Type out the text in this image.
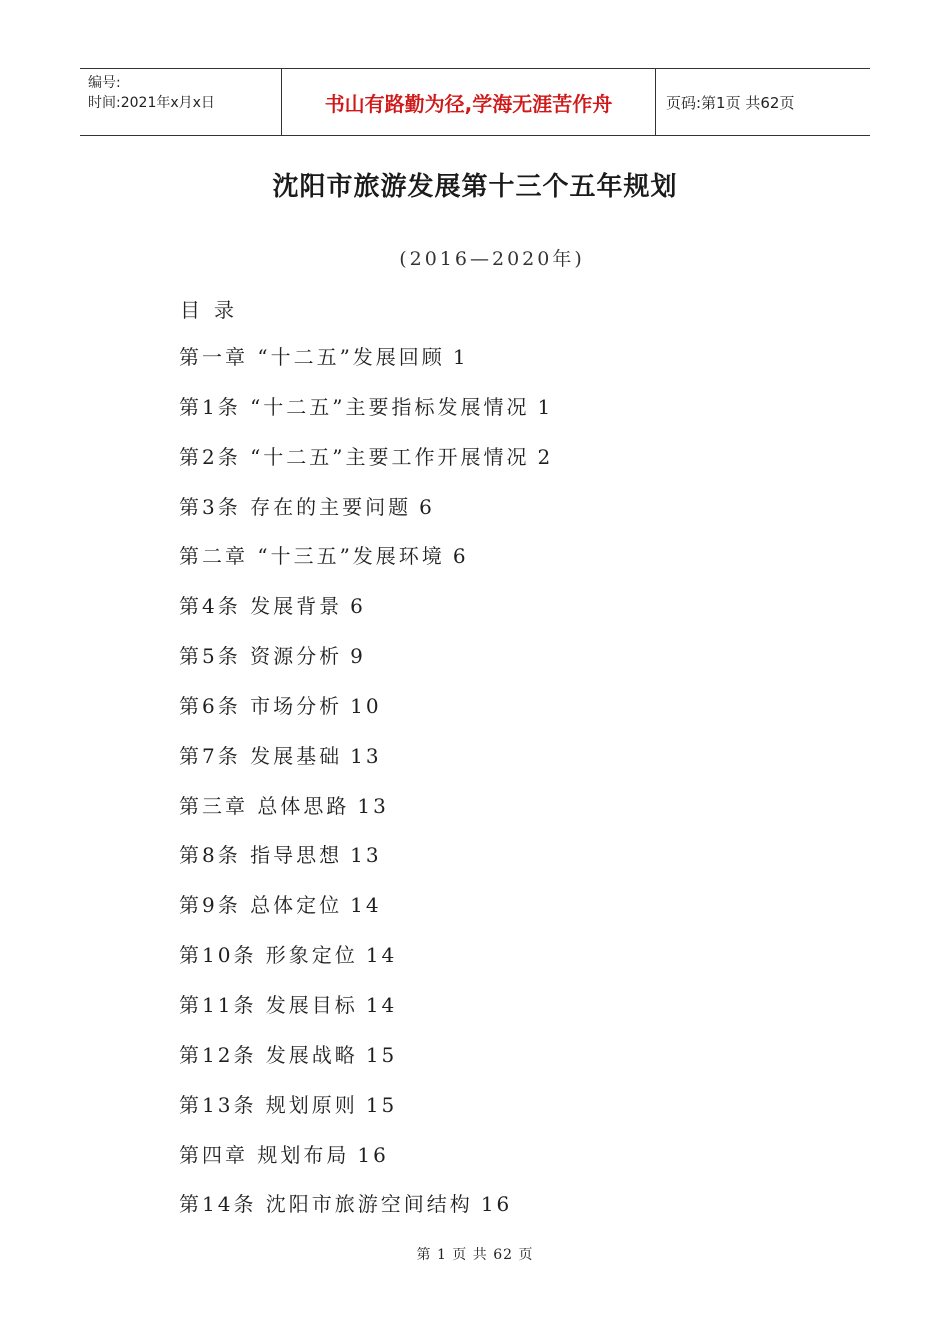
编号:
时间:2021年x月x日	书山有路勤为径,学海无涯苦作舟	页码:第1页 共62页
沈阳市旅游发展第十三个五年规划
(2016—2020年)
目录
第一章 “十二五”发展回顾 1
第1条 “十二五”主要指标发展情况 1
第2条 “十二五”主要工作开展情况 2
第3条 存在的主要问题 6
第二章 “十三五”发展环境 6
第4条 发展背景 6
第5条 资源分析 9
第6条 市场分析 10
第7条 发展基础 13
第三章 总体思路 13
第8条 指导思想 13
第9条 总体定位 14
第10条 形象定位 14
第11条 发展目标 14
第12条 发展战略 15
第13条 规划原则 15
第四章 规划布局 16
第14条 沈阳市旅游空间结构 16
第 1 页 共 62 页
